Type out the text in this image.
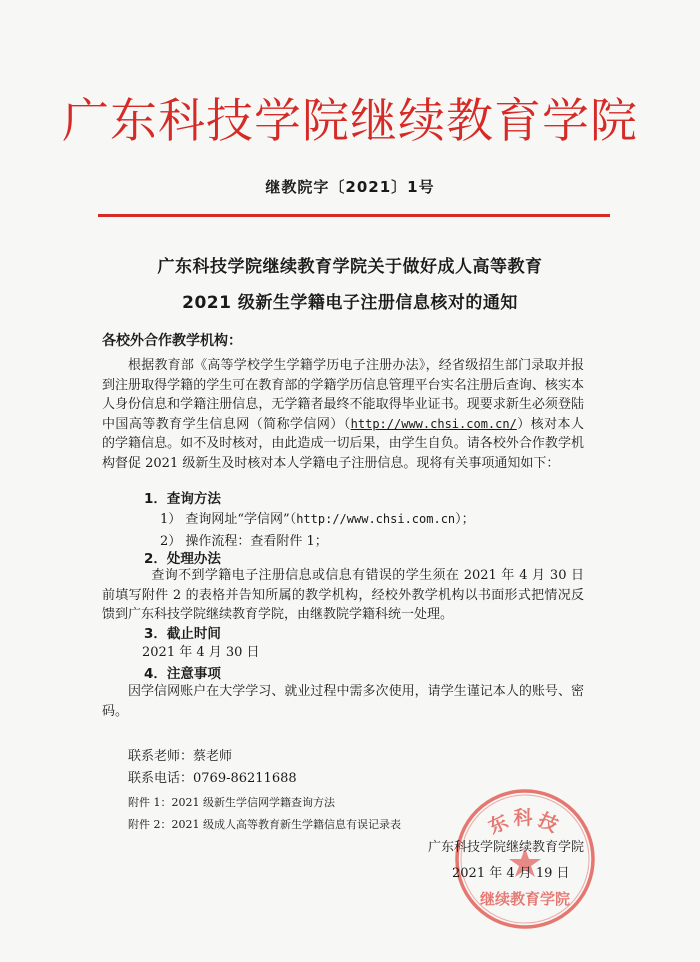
广东科技学院继续教育学院
继教院字〔2021〕1号
广东科技学院继续教育学院关于做好成人高等教育
2021 级新生学籍电子注册信息核对的通知
各校外合作教学机构：
根据教育部《高等学校学生学籍学历电子注册办法》，经省级招生部门录取并报到注册取得学籍的学生可在教育部的学籍学历信息管理平台实名注册后查询、核实本人身份信息和学籍注册信息，无学籍者最终不能取得毕业证书。现要求新生必须登陆中国高等教育学生信息网（简称学信网）（http://www.chsi.com.cn/）核对本人的学籍信息。如不及时核对，由此造成一切后果，由学生自负。请各校外合作教学机构督促 2021 级新生及时核对本人学籍电子注册信息。现将有关事项通知如下：
1．查询方法
1） 查询网址“学信网”（http://www.chsi.com.cn）；
2） 操作流程：查看附件 1；
2．处理办法
查询不到学籍电子注册信息或信息有错误的学生须在 2021 年 4 月 30 日前填写附件 2 的表格并告知所属的教学机构，经校外教学机构以书面形式把情况反馈到广东科技学院继续教育学院，由继教院学籍科统一处理。
3．截止时间
2021 年 4 月 30 日
4．注意事项
因学信网账户在大学学习、就业过程中需多次使用，请学生谨记本人的账号、密码。
联系老师：蔡老师
联系电话：0769-86211688
附件 1：2021 级新生学信网学籍查询方法
附件 2：2021 级成人高等教育新生学籍信息有误记录表	东科技
继续教育学院
广东科技学院继续教育学院
2021 年 4 月 19 日
